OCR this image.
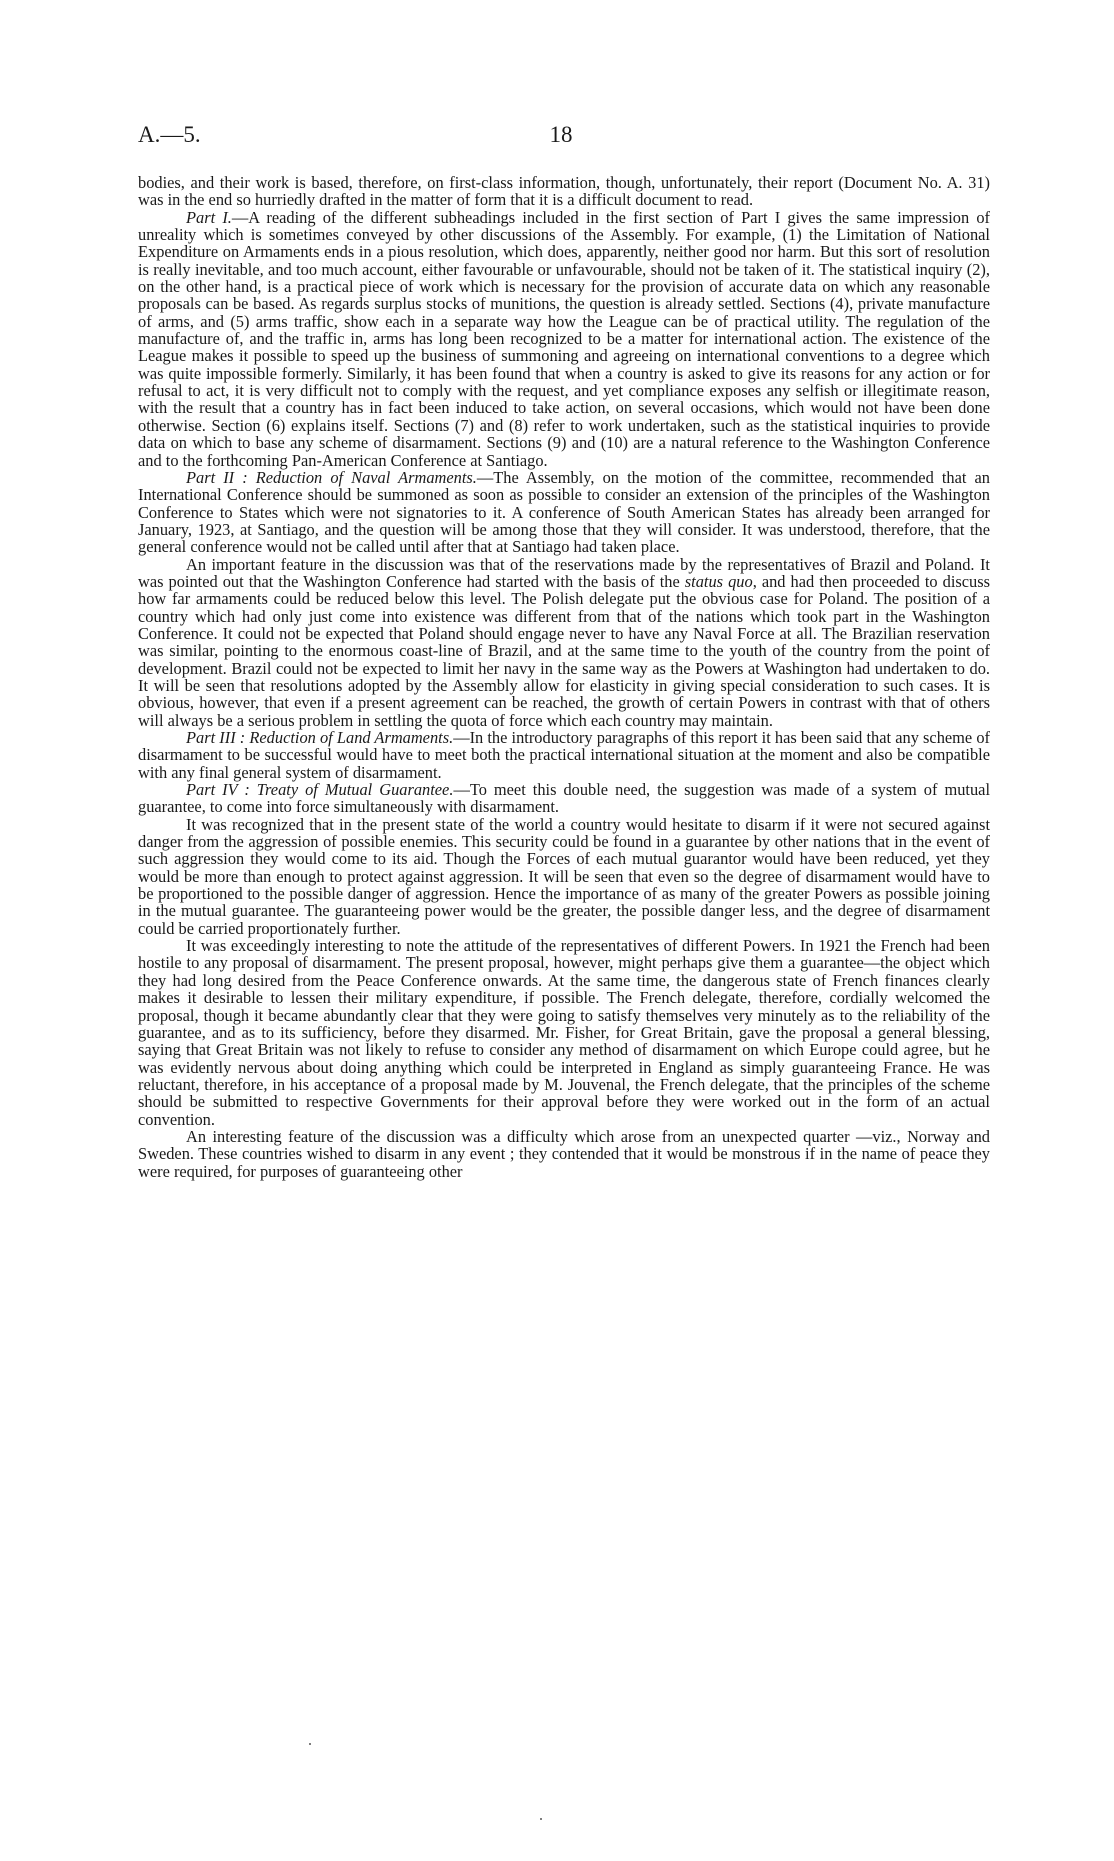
A.—5.	18

bodies, and their work is based, therefore, on first-class information, though, unfortunately, their report (Document No. A. 31) was in the end so hurriedly drafted in the matter of form that it is a difficult document to read.

Part I.—A reading of the different subheadings included in the first section of Part I gives the same impression of unreality which is sometimes conveyed by other discussions of the Assembly. For example, (1) the Limitation of National Expenditure on Armaments ends in a pious resolution, which does, apparently, neither good nor harm. But this sort of resolution is really inevitable, and too much account, either favourable or unfavourable, should not be taken of it. The statistical inquiry (2), on the other hand, is a practical piece of work which is necessary for the provision of accurate data on which any reasonable proposals can be based. As regards surplus stocks of munitions, the question is already settled. Sections (4), private manufacture of arms, and (5) arms traffic, show each in a separate way how the League can be of practical utility. The regulation of the manufacture of, and the traffic in, arms has long been recognized to be a matter for international action. The existence of the League makes it possible to speed up the business of summoning and agreeing on international conventions to a degree which was quite impossible formerly. Similarly, it has been found that when a country is asked to give its reasons for any action or for refusal to act, it is very difficult not to comply with the request, and yet compliance exposes any selfish or illegitimate reason, with the result that a country has in fact been induced to take action, on several occasions, which would not have been done otherwise. Section (6) explains itself. Sections (7) and (8) refer to work undertaken, such as the statistical inquiries to provide data on which to base any scheme of disarmament. Sections (9) and (10) are a natural reference to the Washington Conference and to the forthcoming Pan-American Conference at Santiago.

Part II : Reduction of Naval Armaments.—The Assembly, on the motion of the committee, recommended that an International Conference should be summoned as soon as possible to consider an extension of the principles of the Washington Conference to States which were not signatories to it. A conference of South American States has already been arranged for January, 1923, at Santiago, and the question will be among those that they will consider. It was understood, therefore, that the general conference would not be called until after that at Santiago had taken place.

An important feature in the discussion was that of the reservations made by the representatives of Brazil and Poland. It was pointed out that the Washington Conference had started with the basis of the status quo, and had then proceeded to discuss how far armaments could be reduced below this level. The Polish delegate put the obvious case for Poland. The position of a country which had only just come into existence was different from that of the nations which took part in the Washington Conference. It could not be expected that Poland should engage never to have any Naval Force at all. The Brazilian reservation was similar, pointing to the enormous coast-line of Brazil, and at the same time to the youth of the country from the point of development. Brazil could not be expected to limit her navy in the same way as the Powers at Washington had undertaken to do. It will be seen that resolutions adopted by the Assembly allow for elasticity in giving special consideration to such cases. It is obvious, however, that even if a present agreement can be reached, the growth of certain Powers in contrast with that of others will always be a serious problem in settling the quota of force which each country may maintain.

Part III : Reduction of Land Armaments.—In the introductory paragraphs of this report it has been said that any scheme of disarmament to be successful would have to meet both the practical international situation at the moment and also be compatible with any final general system of disarmament.

Part IV : Treaty of Mutual Guarantee.—To meet this double need, the suggestion was made of a system of mutual guarantee, to come into force simultaneously with disarmament.

It was recognized that in the present state of the world a country would hesitate to disarm if it were not secured against danger from the aggression of possible enemies. This security could be found in a guarantee by other nations that in the event of such aggression they would come to its aid. Though the Forces of each mutual guarantor would have been reduced, yet they would be more than enough to protect against aggression. It will be seen that even so the degree of disarmament would have to be proportioned to the possible danger of aggression. Hence the importance of as many of the greater Powers as possible joining in the mutual guarantee. The guaranteeing power would be the greater, the possible danger less, and the degree of disarmament could be carried proportionately further.

It was exceedingly interesting to note the attitude of the representatives of different Powers. In 1921 the French had been hostile to any proposal of disarmament. The present proposal, however, might perhaps give them a guarantee—the object which they had long desired from the Peace Conference onwards. At the same time, the dangerous state of French finances clearly makes it desirable to lessen their military expenditure, if possible. The French delegate, therefore, cordially welcomed the proposal, though it became abundantly clear that they were going to satisfy themselves very minutely as to the reliability of the guarantee, and as to its sufficiency, before they disarmed. Mr. Fisher, for Great Britain, gave the proposal a general blessing, saying that Great Britain was not likely to refuse to consider any method of disarmament on which Europe could agree, but he was evidently nervous about doing anything which could be interpreted in England as simply guaranteeing France. He was reluctant, therefore, in his acceptance of a proposal made by M. Jouvenal, the French delegate, that the principles of the scheme should be submitted to respective Governments for their approval before they were worked out in the form of an actual convention.

An interesting feature of the discussion was a difficulty which arose from an unexpected quarter —viz., Norway and Sweden. These countries wished to disarm in any event ; they contended that it would be monstrous if in the name of peace they were required, for purposes of guaranteeing other
